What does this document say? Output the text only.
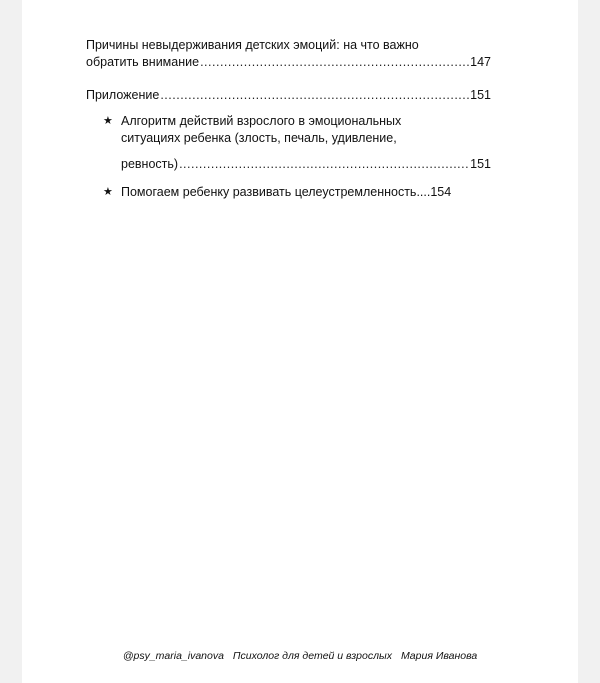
Причины невыдерживания детских эмоций: на что важно
обратить внимание .....	147
Приложение .....	151
★ Алгоритм действий взрослого в эмоциональных
ситуациях ребенка (злость, печаль, удивление,
ревность) .....	151
★ Помогаем ребенку развивать целеустремленность .... 154
@psy_maria_ivanova Психолог для детей и взрослых Мария Иванова
